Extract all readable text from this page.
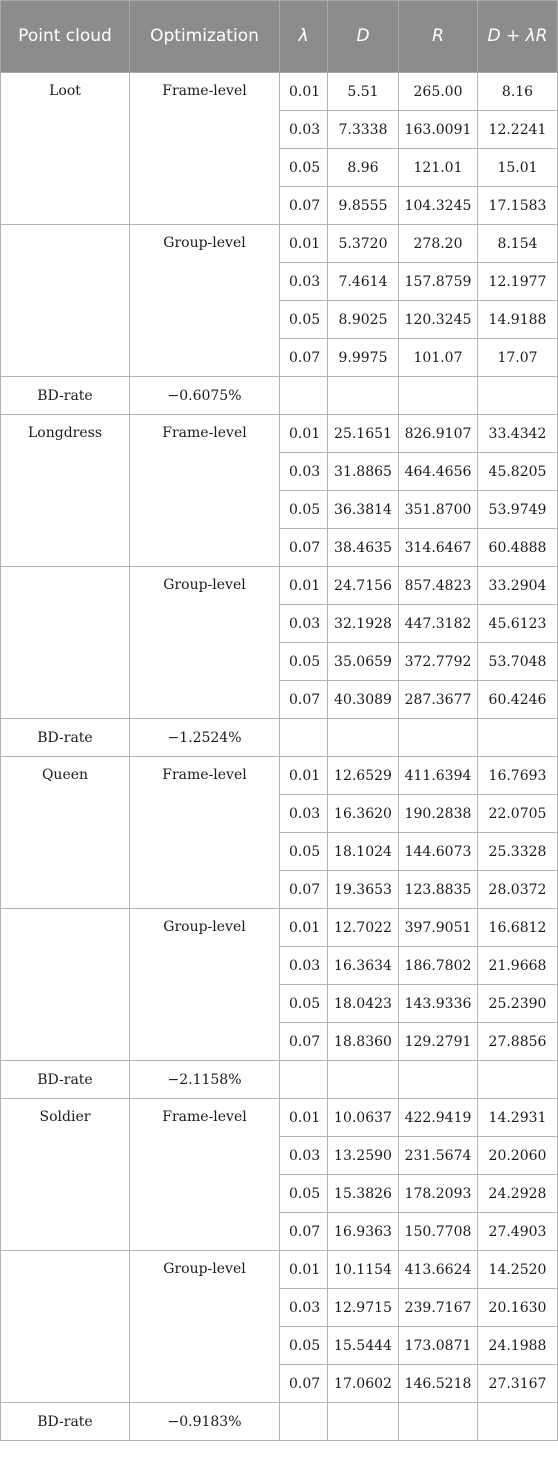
Point cloud	Optimization	λ	D	R	D + λR
Loot	Frame-level	0.01	5.51	265.00	8.16
		0.03	7.3338	163.0091	12.2241
		0.05	8.96	121.01	15.01
		0.07	9.8555	104.3245	17.1583
	Group-level	0.01	5.3720	278.20	8.154
		0.03	7.4614	157.8759	12.1977
		0.05	8.9025	120.3245	14.9188
		0.07	9.9975	101.07	17.07
BD-rate	−0.6075%				
Longdress	Frame-level	0.01	25.1651	826.9107	33.4342
		0.03	31.8865	464.4656	45.8205
		0.05	36.3814	351.8700	53.9749
		0.07	38.4635	314.6467	60.4888
	Group-level	0.01	24.7156	857.4823	33.2904
		0.03	32.1928	447.3182	45.6123
		0.05	35.0659	372.7792	53.7048
		0.07	40.3089	287.3677	60.4246
BD-rate	−1.2524%				
Queen	Frame-level	0.01	12.6529	411.6394	16.7693
		0.03	16.3620	190.2838	22.0705
		0.05	18.1024	144.6073	25.3328
		0.07	19.3653	123.8835	28.0372
	Group-level	0.01	12.7022	397.9051	16.6812
		0.03	16.3634	186.7802	21.9668
		0.05	18.0423	143.9336	25.2390
		0.07	18.8360	129.2791	27.8856
BD-rate	−2.1158%				
Soldier	Frame-level	0.01	10.0637	422.9419	14.2931
		0.03	13.2590	231.5674	20.2060
		0.05	15.3826	178.2093	24.2928
		0.07	16.9363	150.7708	27.4903
	Group-level	0.01	10.1154	413.6624	14.2520
		0.03	12.9715	239.7167	20.1630
		0.05	15.5444	173.0871	24.1988
		0.07	17.0602	146.5218	27.3167
BD-rate	−0.9183%				
